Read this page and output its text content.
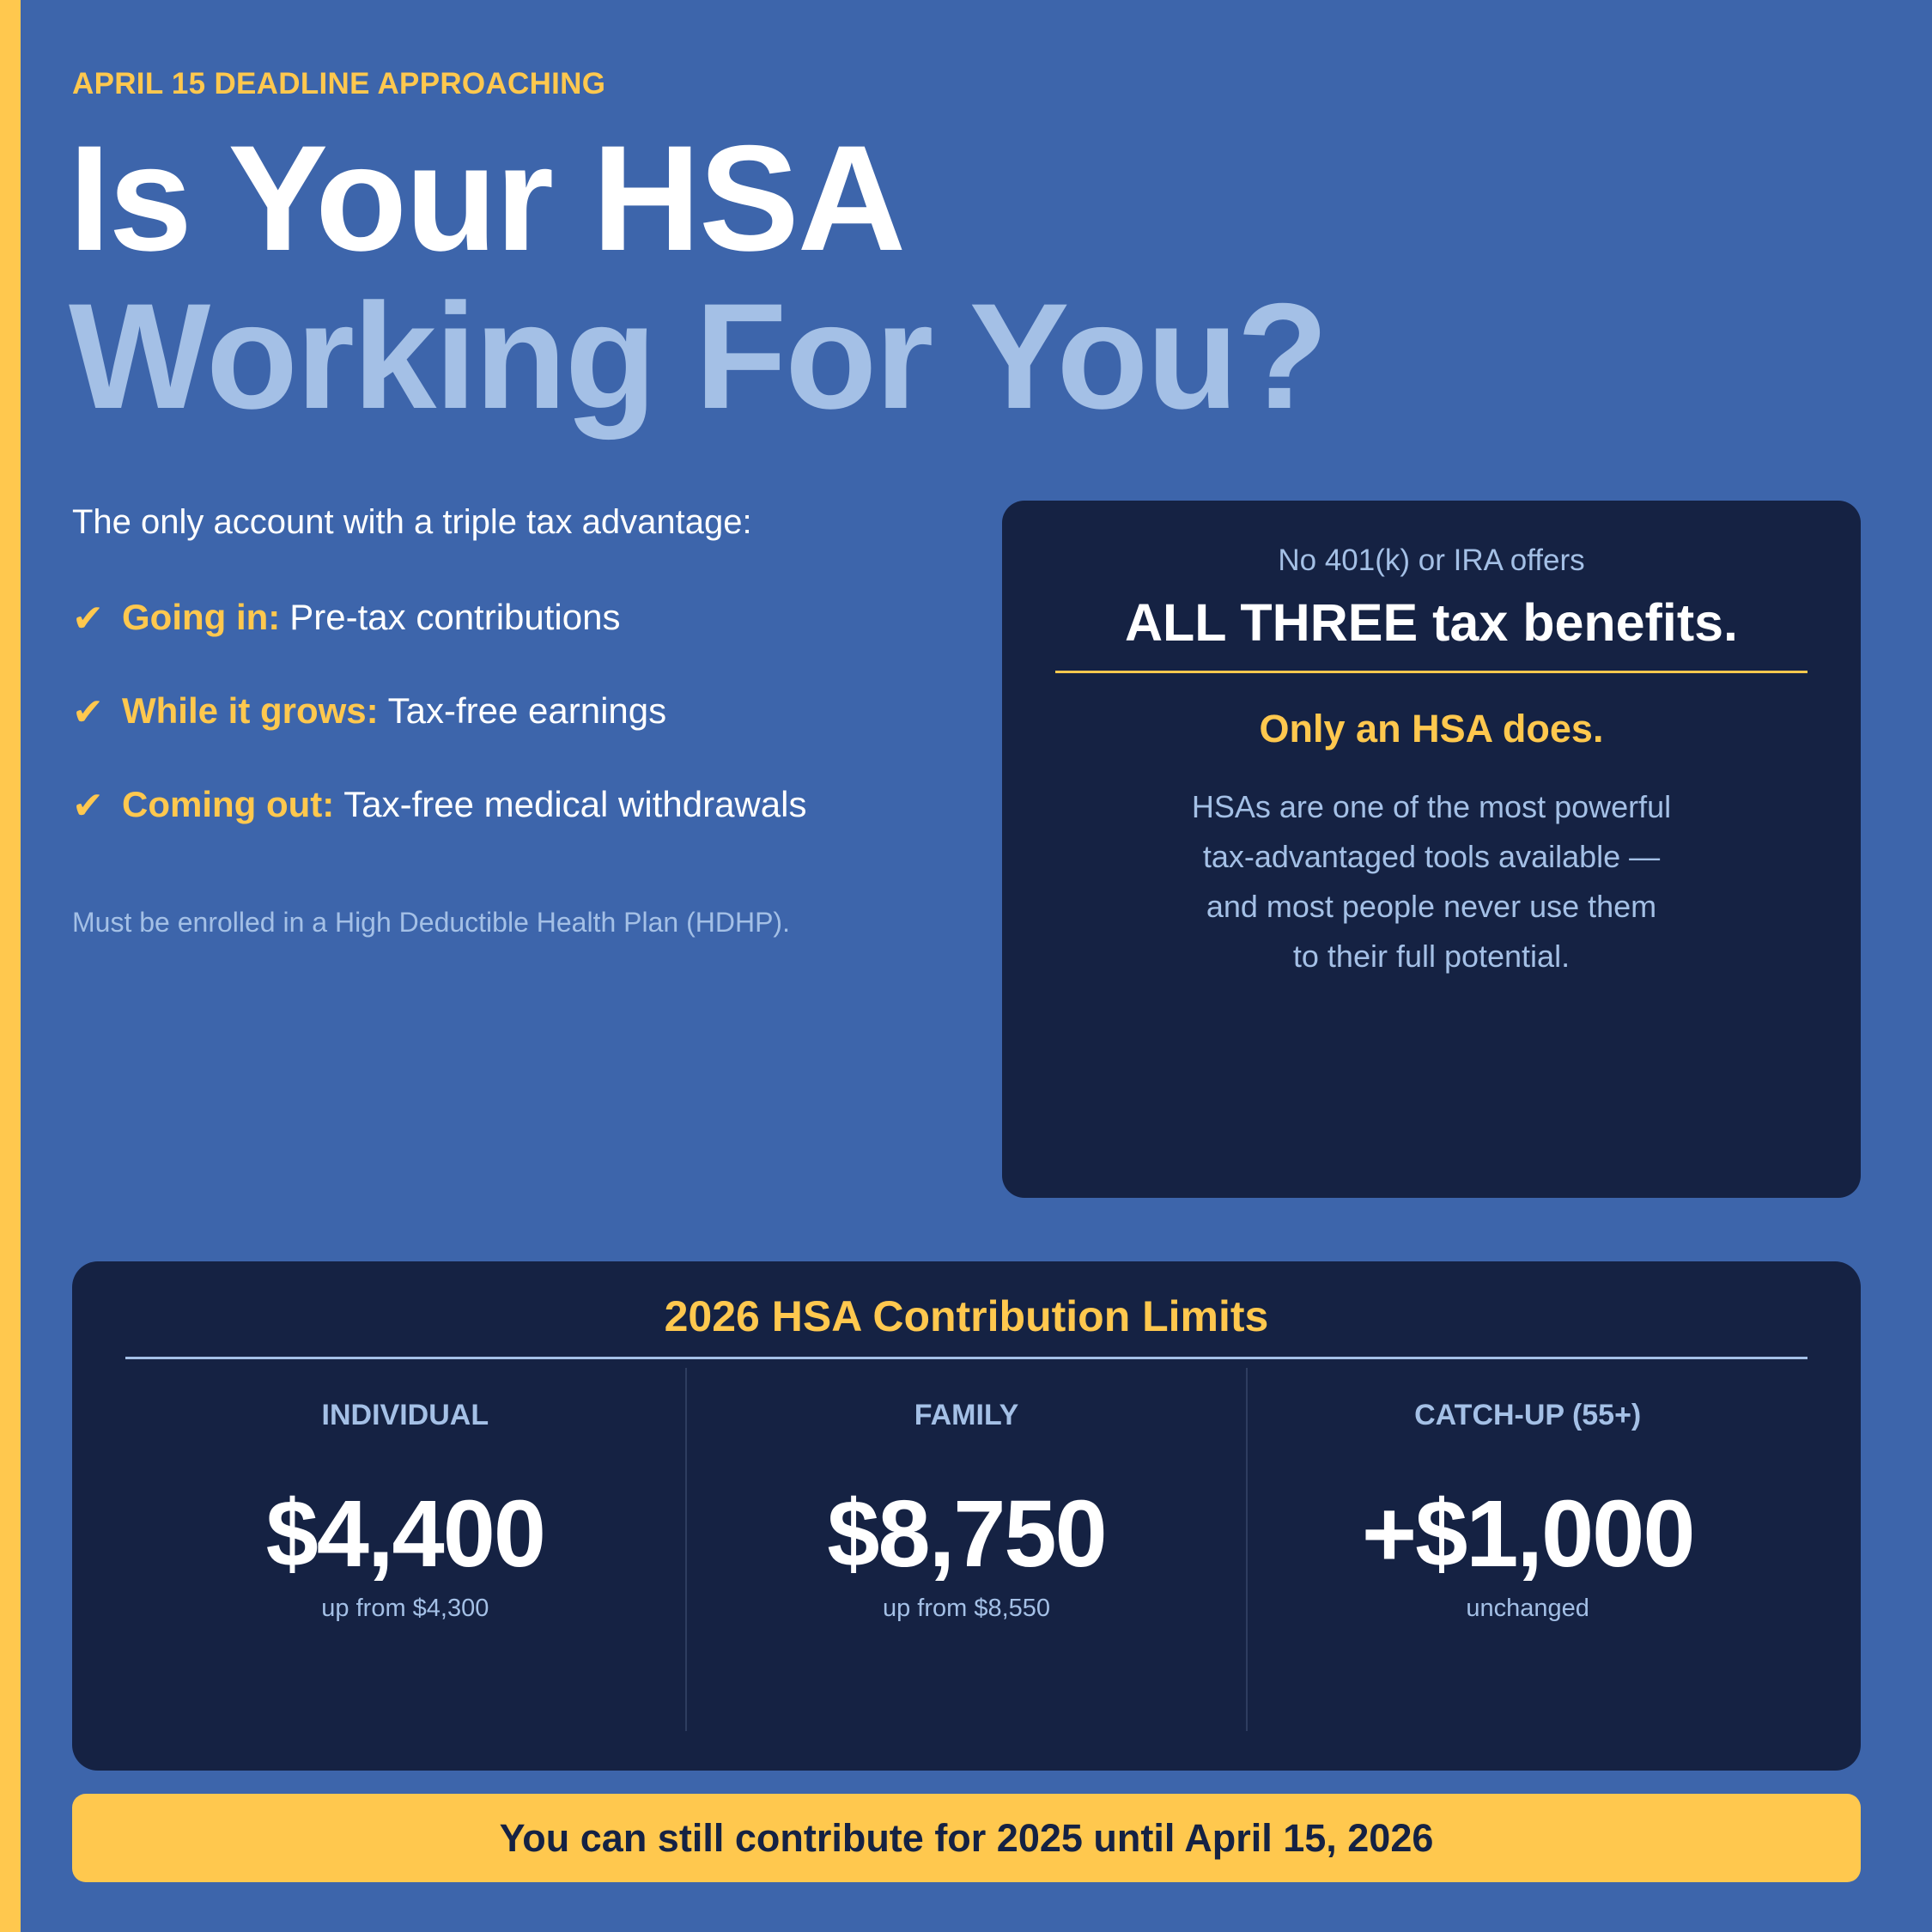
APRIL 15 DEADLINE APPROACHING
Is Your HSA
Working For You?
The only account with a triple tax advantage:
✔ Going in: Pre-tax contributions
✔ While it grows: Tax-free earnings
✔ Coming out: Tax-free medical withdrawals
Must be enrolled in a High Deductible Health Plan (HDHP).
No 401(k) or IRA offers
ALL THREE tax benefits.
Only an HSA does.
HSAs are one of the most powerful
tax-advantaged tools available —
and most people never use them
to their full potential.
2026 HSA Contribution Limits
INDIVIDUAL
$4,400
up from $4,300
FAMILY
$8,750
up from $8,550
CATCH-UP (55+)
+$1,000
unchanged
You can still contribute for 2025 until April 15, 2026
